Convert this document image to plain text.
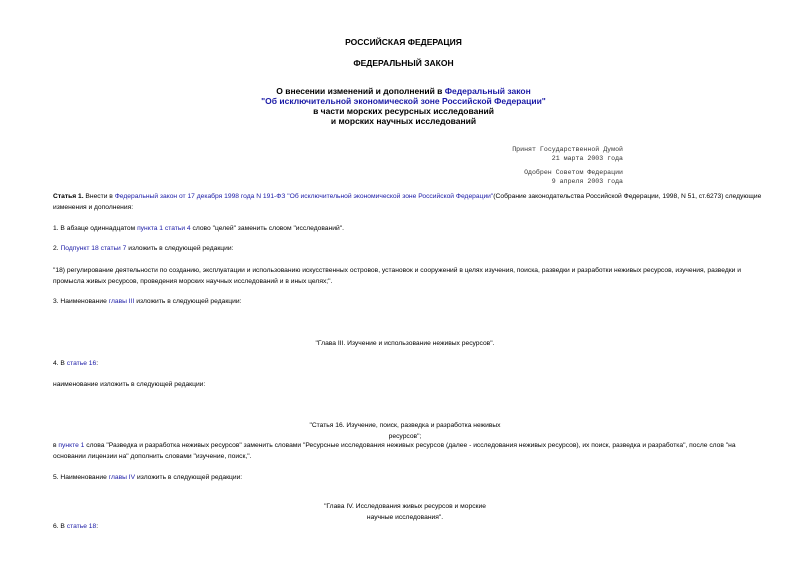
РОССИЙСКАЯ ФЕДЕРАЦИЯ
ФЕДЕРАЛЬНЫЙ ЗАКОН
О внесении изменений и дополнений в Федеральный закон
"Об исключительной экономической зоне Российской Федерации"
в части морских ресурсных исследований
и морских научных исследований
Принят Государственной Думой
21 марта 2003 года
Одобрен Советом Федерации
9 апреля 2003 года
Статья 1. Внести в Федеральный закон от 17 декабря 1998 года N 191-ФЗ "Об исключительной экономической зоне Российской Федерации"(Собрание законодательства Российской Федерации, 1998, N 51, ст.6273) следующие изменения и дополнения:
1. В абзаце одиннадцатом пункта 1 статьи 4 слово "целей" заменить словом "исследований".
2. Подпункт 18 статьи 7 изложить в следующей редакции:
"18) регулирование деятельности по созданию, эксплуатации и использованию искусственных островов, установок и сооружений в целях изучения, поиска, разведки и разработки неживых ресурсов, изучения, разведки и промысла живых ресурсов, проведения морских научных исследований и в иных целях;".
3. Наименование главы III изложить в следующей редакции:
"Глава III. Изучение и использование неживых ресурсов".
4. В статье 16:
наименование изложить в следующей редакции:
"Статья 16. Изучение, поиск, разведка и разработка неживых
ресурсов";
в пункте 1 слова "Разведка и разработка неживых ресурсов" заменить словами "Ресурсные исследования неживых ресурсов (далее - исследования неживых ресурсов), их поиск, разведка и разработка", после слов "на основании лицензии на" дополнить словами "изучение, поиск,".
5. Наименование главы IV изложить в следующей редакции:
"Глава IV. Исследования живых ресурсов и морские
научные исследования".
6. В статье 18:
